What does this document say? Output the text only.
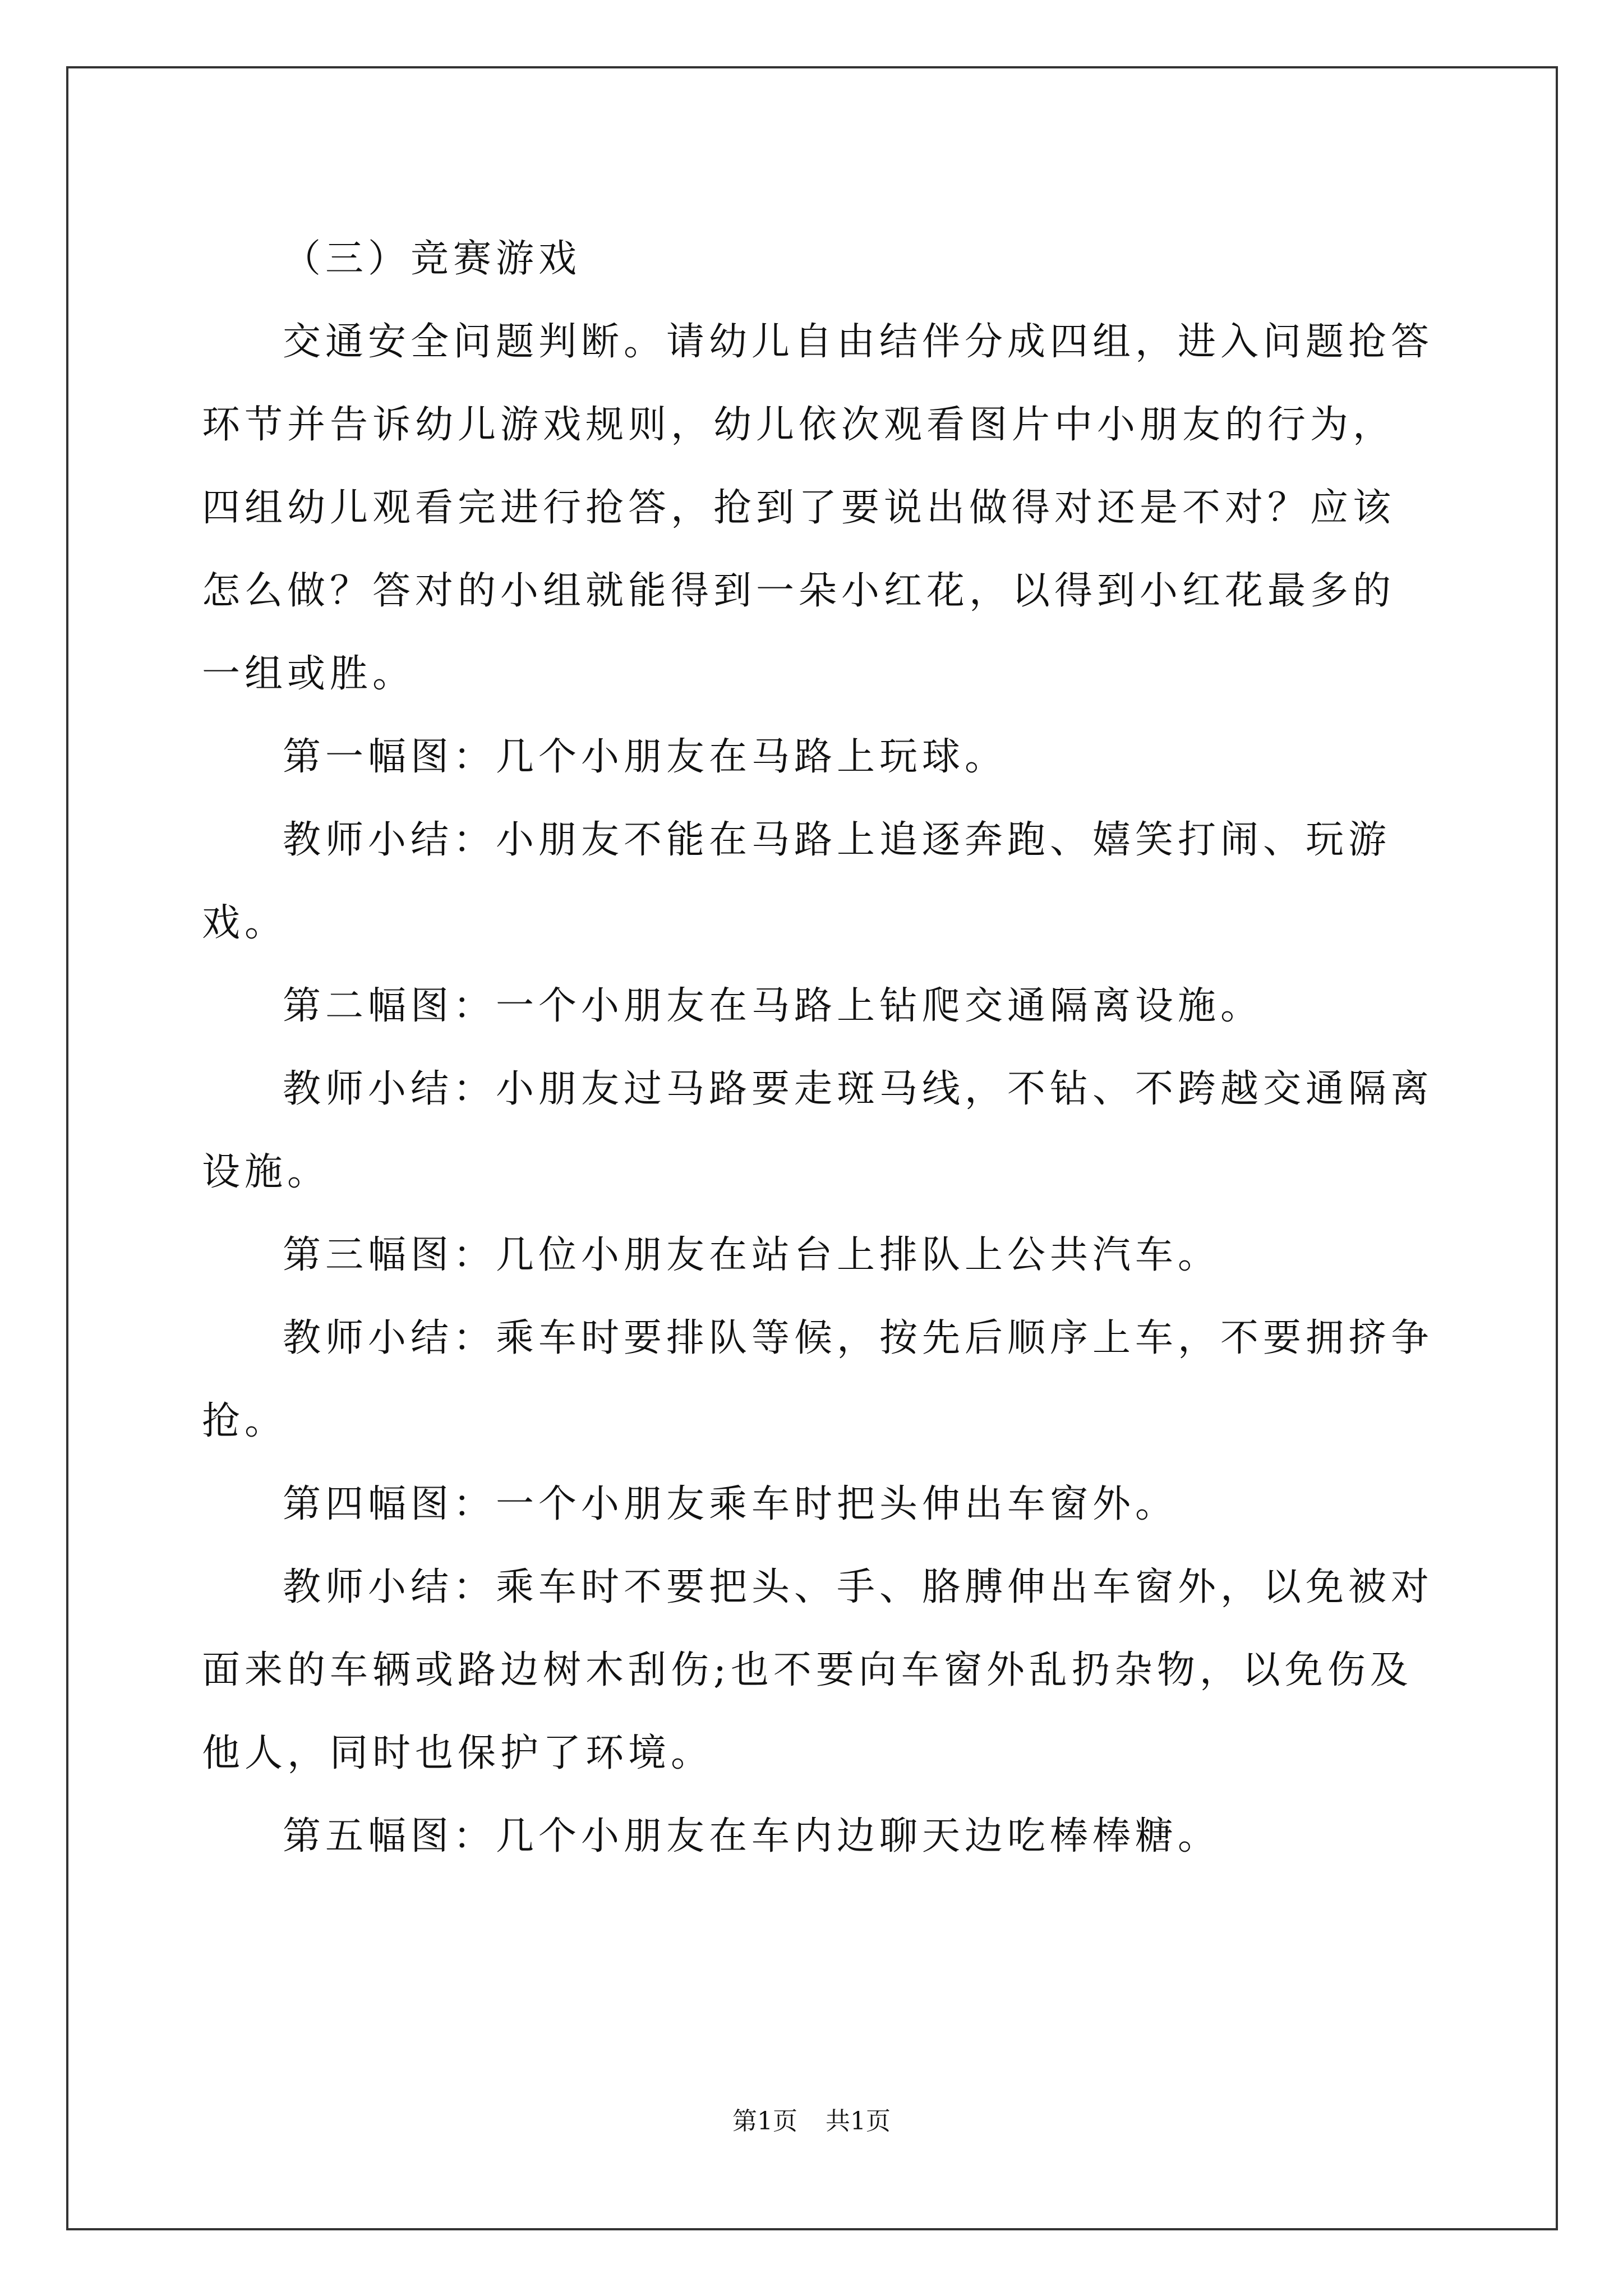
（三）竞赛游戏

交通安全问题判断。请幼儿自由结伴分成四组，进入问题抢答环节并告诉幼儿游戏规则，幼儿依次观看图片中小朋友的行为，四组幼儿观看完进行抢答，抢到了要说出做得对还是不对？应该怎么做？答对的小组就能得到一朵小红花，以得到小红花最多的一组或胜。

第一幅图：几个小朋友在马路上玩球。

教师小结：小朋友不能在马路上追逐奔跑、嬉笑打闹、玩游戏。

第二幅图：一个小朋友在马路上钻爬交通隔离设施。

教师小结：小朋友过马路要走斑马线，不钻、不跨越交通隔离设施。

第三幅图：几位小朋友在站台上排队上公共汽车。

教师小结：乘车时要排队等候，按先后顺序上车，不要拥挤争抢。

第四幅图：一个小朋友乘车时把头伸出车窗外。

教师小结：乘车时不要把头、手、胳膊伸出车窗外，以免被对面来的车辆或路边树木刮伤;也不要向车窗外乱扔杂物，以免伤及他人，同时也保护了环境。

第五幅图：几个小朋友在车内边聊天边吃棒棒糖。

第1页 共1页
